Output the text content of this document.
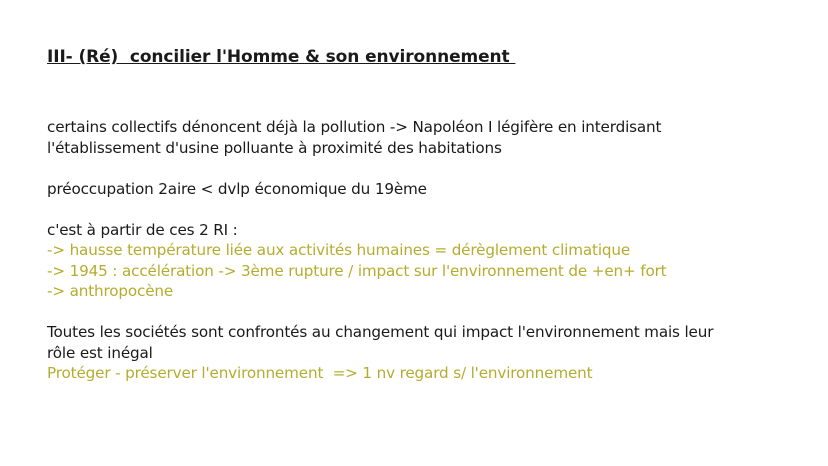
III- (Ré)  concilier l'Homme & son environnement

certains collectifs dénoncent déjà la pollution -> Napoléon I légifère en interdisant

l'établissement d'usine polluante à proximité des habitations

préoccupation 2aire < dvlp économique du 19ème

c'est à partir de ces 2 RI :

-> hausse température liée aux activités humaines = dérèglement climatique

-> 1945 : accélération -> 3ème rupture / impact sur l'environnement de +en+ fort

-> anthropocène

Toutes les sociétés sont confrontés au changement qui impact l'environnement mais leur

rôle est inégal

Protéger - préserver l'environnement  => 1 nv regard s/ l'environnement
